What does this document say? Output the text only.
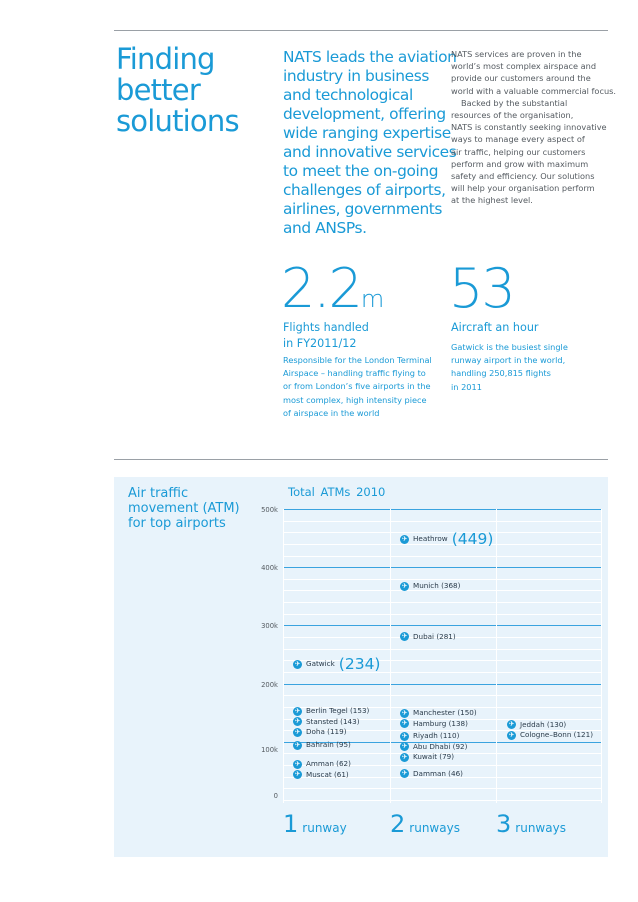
Finding
better
solutions
NATS leads the aviation
industry in business
and technological
development, offering
wide ranging expertise
and innovative services
to meet the on-going
challenges of airports,
airlines, governments
and ANSPs.
NATS services are proven in the
world’s most complex airspace and
provide our customers around the
world with a valuable commercial focus.
Backed by the substantial
resources of the organisation,
NATS is constantly seeking innovative
ways to manage every aspect of
air traffic, helping our customers
perform and grow with maximum
safety and efficiency. Our solutions
will help your organisation perform
at the highest level.
2.2m
Flights handled
in FY2011/12
Responsible for the London Terminal
Airspace – handling traffic flying to
or from London’s five airports in the
most complex, high intensity piece
of airspace in the world
53
Aircraft an hour
Gatwick is the busiest single
runway airport in the world,
handling 250,815 flights
in 2011
Air traffic
movement (ATM)
for top airports
Total ATMs 2010
500k
400k
300k
200k
100k
0
✈ Heathrow (449)
✈ Munich (368)
✈ Dubai (281)
✈ Gatwick (234)
✈ Berlin Tegel (153)	✈ Manchester (150)
✈ Stansted (143)	✈ Hamburg (138)	✈ Jeddah (130)
✈ Cologne–Bonn (121)
✈ Doha (119)	✈ Riyadh (110)
✈ Bahrain (95)	✈ Abu Dhabi (92)
✈ Kuwait (79)
✈ Amman (62)
✈ Muscat (61)	✈ Damman (46)
1 runway 2 runways 3 runways
